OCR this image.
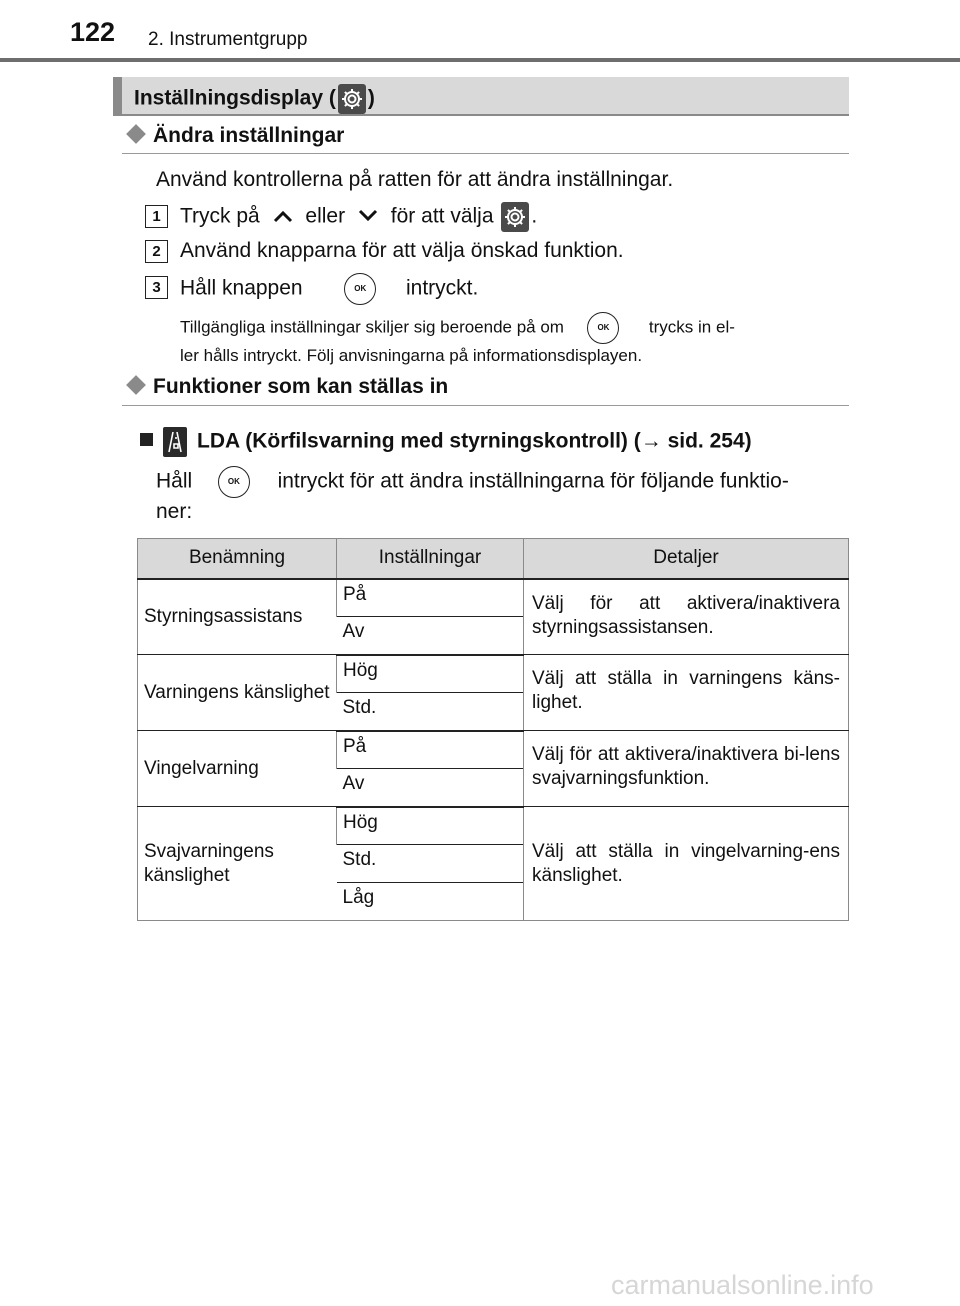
122 2. Instrumentgrupp
Inställningsdisplay ( )
Ändra inställningar
Använd kontrollerna på ratten för att ändra inställningar.
1 Tryck på eller för att välja .
2 Använd knapparna för att välja önskad funktion.
3 Håll knappen	OK intryckt.
Tillgängliga inställningar skiljer sig beroende på om	OK trycks in el-
ler hålls intryckt. Följ anvisningarna på informationsdisplayen.
Funktioner som kan ställas in
LDA (Körfilsvarning med styrningskontroll) (→ sid. 254)
Håll	OK intryckt för att ändra inställningarna för följande funktio-
ner:
Benämning	Inställningar	Detaljer
Styrningsassistans	På	Välj för att aktivera/inaktivera styrningsassistansen.
	Av	
Varningens känslighet	Hög	Välj att ställa in varningens käns-lighet.
	Std.	
Vingelvarning	På	Välj för att aktivera/inaktivera bi-lens svajvarningsfunktion.
	Av	
Svajvarningens känslighet	Hög	Välj att ställa in vingelvarning-ens känslighet.
	Std.	
	Låg	
carmanualsonline.info
